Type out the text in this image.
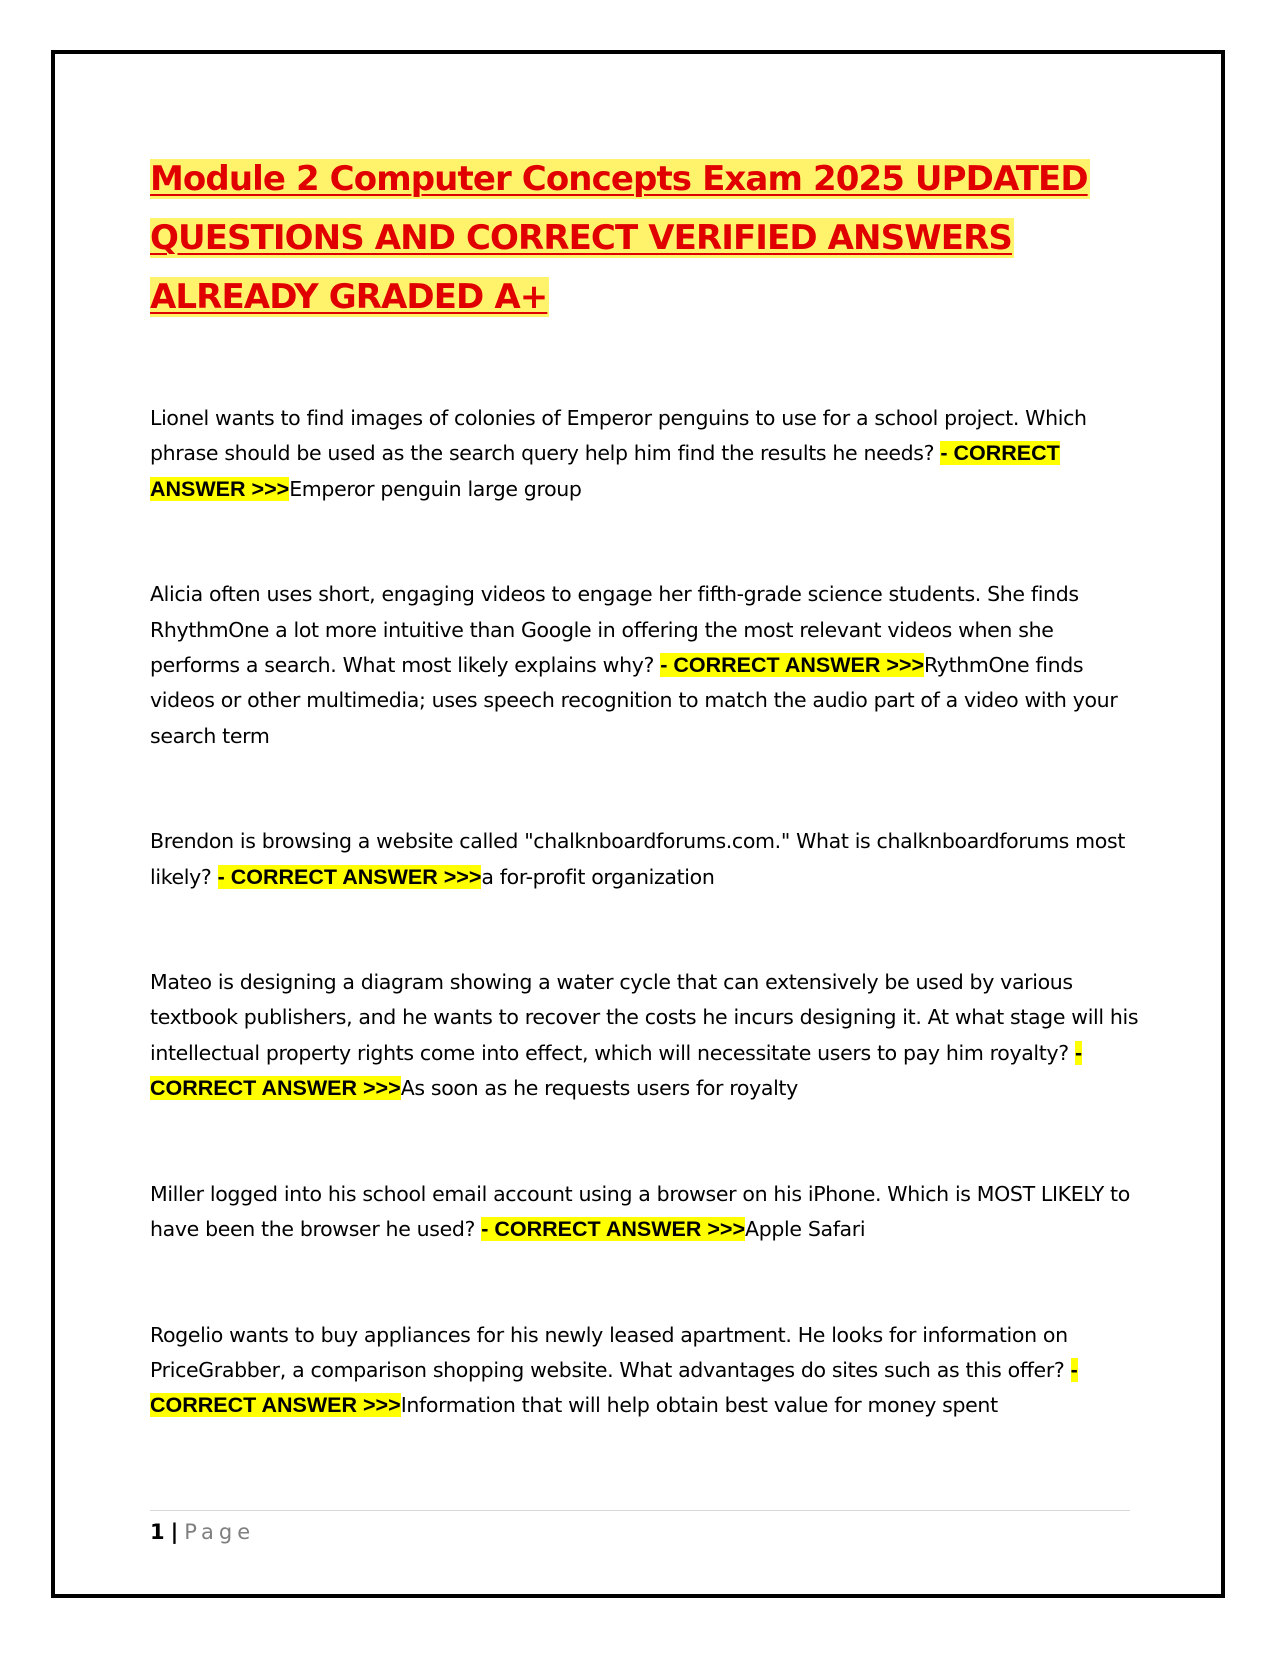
Module 2 Computer Concepts Exam 2025 UPDATED QUESTIONS AND CORRECT VERIFIED ANSWERS ALREADY GRADED A+

Lionel wants to find images of colonies of Emperor penguins to use for a school project. Which phrase should be used as the search query help him find the results he needs? - CORRECT ANSWER >>>Emperor penguin large group

Alicia often uses short, engaging videos to engage her fifth-grade science students. She finds RhythmOne a lot more intuitive than Google in offering the most relevant videos when she performs a search. What most likely explains why? - CORRECT ANSWER >>>RythmOne finds videos or other multimedia; uses speech recognition to match the audio part of a video with your search term

Brendon is browsing a website called "chalknboardforums.com." What is chalknboardforums most likely? - CORRECT ANSWER >>>a for-profit organization

Mateo is designing a diagram showing a water cycle that can extensively be used by various textbook publishers, and he wants to recover the costs he incurs designing it. At what stage will his intellectual property rights come into effect, which will necessitate users to pay him royalty? - CORRECT ANSWER >>>As soon as he requests users for royalty

Miller logged into his school email account using a browser on his iPhone. Which is MOST LIKELY to have been the browser he used? - CORRECT ANSWER >>>Apple Safari

Rogelio wants to buy appliances for his newly leased apartment. He looks for information on PriceGrabber, a comparison shopping website. What advantages do sites such as this offer? - CORRECT ANSWER >>>Information that will help obtain best value for money spent

1 | Page
